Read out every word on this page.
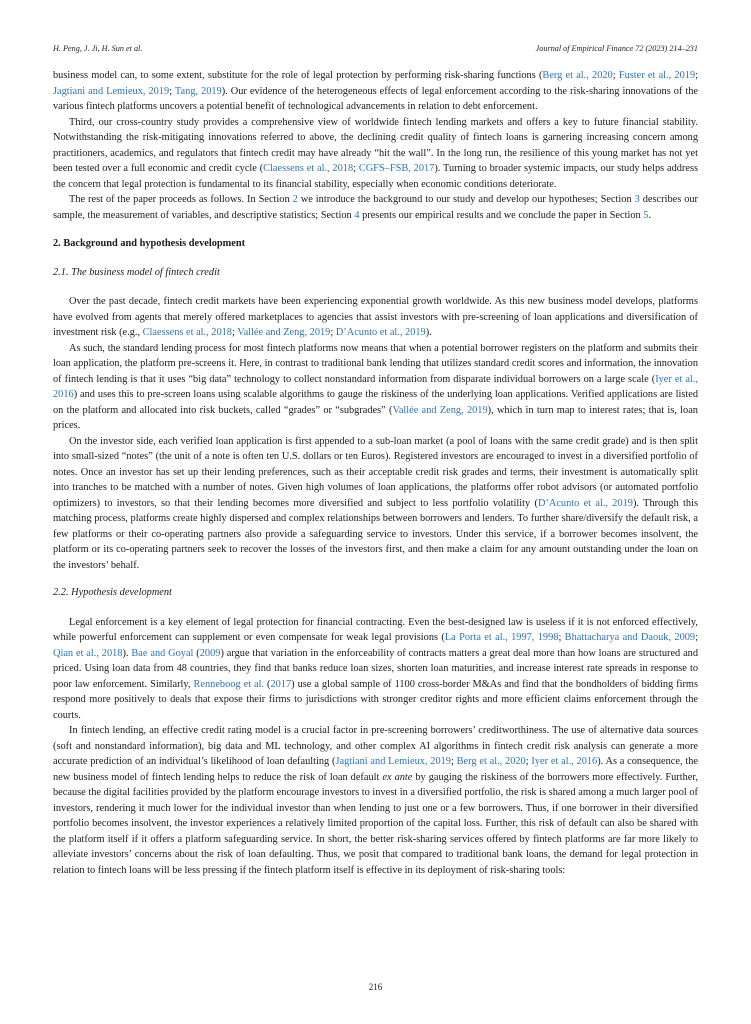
H. Peng, J. Ji, H. Sun et al.	Journal of Empirical Finance 72 (2023) 214–231

business model can, to some extent, substitute for the role of legal protection by performing risk-sharing functions (Berg et al., 2020; Fuster et al., 2019; Jagtiani and Lemieux, 2019; Tang, 2019). Our evidence of the heterogeneous effects of legal enforcement according to the risk-sharing innovations of the various fintech platforms uncovers a potential benefit of technological advancements in relation to debt enforcement.

Third, our cross-country study provides a comprehensive view of worldwide fintech lending markets and offers a key to future financial stability. Notwithstanding the risk-mitigating innovations referred to above, the declining credit quality of fintech loans is garnering increasing concern among practitioners, academics, and regulators that fintech credit may have already “hit the wall”. In the long run, the resilience of this young market has not yet been tested over a full economic and credit cycle (Claessens et al., 2018; CGFS–FSB, 2017). Turning to broader systemic impacts, our study helps address the concern that legal protection is fundamental to its financial stability, especially when economic conditions deteriorate.

The rest of the paper proceeds as follows. In Section 2 we introduce the background to our study and develop our hypotheses; Section 3 describes our sample, the measurement of variables, and descriptive statistics; Section 4 presents our empirical results and we conclude the paper in Section 5.

2. Background and hypothesis development
2.1. The business model of fintech credit

Over the past decade, fintech credit markets have been experiencing exponential growth worldwide. As this new business model develops, platforms have evolved from agents that merely offered marketplaces to agencies that assist investors with pre-screening of loan applications and diversification of investment risk (e.g., Claessens et al., 2018; Vallée and Zeng, 2019; D’Acunto et al., 2019).

As such, the standard lending process for most fintech platforms now means that when a potential borrower registers on the platform and submits their loan application, the platform pre-screens it. Here, in contrast to traditional bank lending that utilizes standard credit scores and information, the innovation of fintech lending is that it uses “big data” technology to collect nonstandard information from disparate individual borrowers on a large scale (Iyer et al., 2016) and uses this to pre-screen loans using scalable algorithms to gauge the riskiness of the underlying loan applications. Verified applications are listed on the platform and allocated into risk buckets, called “grades” or “subgrades” (Vallée and Zeng, 2019), which in turn map to interest rates; that is, loan prices.

On the investor side, each verified loan application is first appended to a sub-loan market (a pool of loans with the same credit grade) and is then split into small-sized “notes” (the unit of a note is often ten U.S. dollars or ten Euros). Registered investors are encouraged to invest in a diversified portfolio of notes. Once an investor has set up their lending preferences, such as their acceptable credit risk grades and terms, their investment is automatically split into tranches to be matched with a number of notes. Given high volumes of loan applications, the platforms offer robot advisors (or automated portfolio optimizers) to investors, so that their lending becomes more diversified and subject to less portfolio volatility (D’Acunto et al., 2019). Through this matching process, platforms create highly dispersed and complex relationships between borrowers and lenders. To further share/diversify the default risk, a few platforms or their co-operating partners also provide a safeguarding service to investors. Under this service, if a borrower becomes insolvent, the platform or its co-operating partners seek to recover the losses of the investors first, and then make a claim for any amount outstanding under the loan on the investors’ behalf.

2.2. Hypothesis development

Legal enforcement is a key element of legal protection for financial contracting. Even the best-designed law is useless if it is not enforced effectively, while powerful enforcement can supplement or even compensate for weak legal provisions (La Porta et al., 1997, 1998; Bhattacharya and Daouk, 2009; Qian et al., 2018). Bae and Goyal (2009) argue that variation in the enforceability of contracts matters a great deal more than how loans are structured and priced. Using loan data from 48 countries, they find that banks reduce loan sizes, shorten loan maturities, and increase interest rate spreads in response to poor law enforcement. Similarly, Renneboog et al. (2017) use a global sample of 1100 cross-border M&As and find that the bondholders of bidding firms respond more positively to deals that expose their firms to jurisdictions with stronger creditor rights and more efficient claims enforcement through the courts.

In fintech lending, an effective credit rating model is a crucial factor in pre-screening borrowers’ creditworthiness. The use of alternative data sources (soft and nonstandard information), big data and ML technology, and other complex AI algorithms in fintech credit risk analysis can generate a more accurate prediction of an individual’s likelihood of loan defaulting (Jagtiani and Lemieux, 2019; Berg et al., 2020; Iyer et al., 2016). As a consequence, the new business model of fintech lending helps to reduce the risk of loan default ex ante by gauging the riskiness of the borrowers more effectively. Further, because the digital facilities provided by the platform encourage investors to invest in a diversified portfolio, the risk is shared among a much larger pool of investors, rendering it much lower for the individual investor than when lending to just one or a few borrowers. Thus, if one borrower in their diversified portfolio becomes insolvent, the investor experiences a relatively limited proportion of the capital loss. Further, this risk of default can also be shared with the platform itself if it offers a platform safeguarding service. In short, the better risk-sharing services offered by fintech platforms are far more likely to alleviate investors’ concerns about the risk of loan defaulting. Thus, we posit that compared to traditional bank loans, the demand for legal protection in relation to fintech loans will be less pressing if the fintech platform itself is effective in its deployment of risk-sharing tools:

216
